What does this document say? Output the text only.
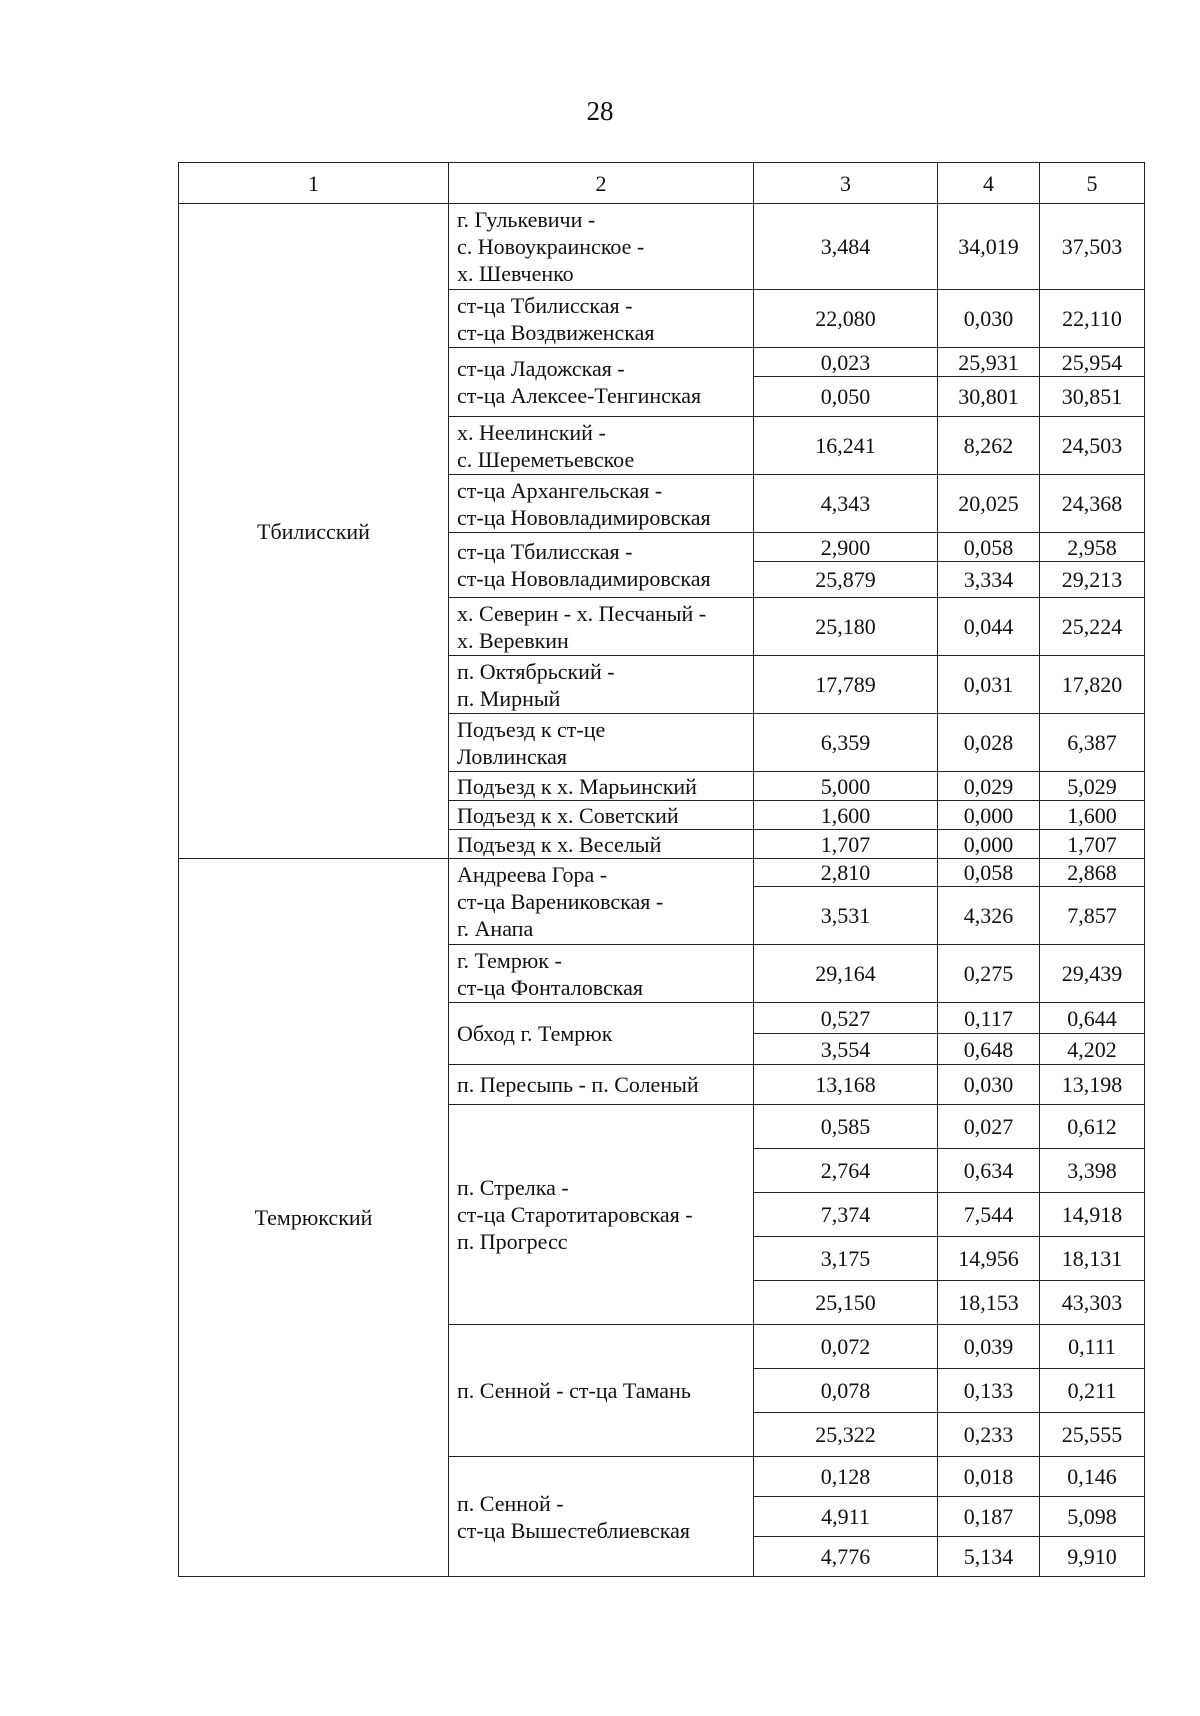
28
1	2	3	4	5
Тбилисский	г. Гулькевичи -
с. Новоукраинское -
х. Шевченко	3,484	34,019	37,503

	ст-ца Тбилисская -
ст-ца Воздвиженская	22,080	0,030	22,110

	ст-ца Ладожская -
ст-ца Алексее-Тенгинская	0,023	25,931	25,954
		0,050	30,801	30,851

	х. Неелинский -
с. Шереметьевское	16,241	8,262	24,503

	ст-ца Архангельская -
ст-ца Нововладимировская	4,343	20,025	24,368

	ст-ца Тбилисская -
ст-ца Нововладимировская	2,900	0,058	2,958
		25,879	3,334	29,213

	х. Северин - х. Песчаный -
х. Веревкин	25,180	0,044	25,224

	п. Октябрьский -
п. Мирный	17,789	0,031	17,820

	Подъезд к ст-це
Ловлинская	6,359	0,028	6,387

	Подъезд к х. Марьинский	5,000	0,029	5,029

	Подъезд к х. Советский	1,600	0,000	1,600

	Подъезд к х. Веселый	1,707	0,000	1,707
Темрюкский	Андреева Гора -
ст-ца Варениковская -
г. Анапа	2,810	0,058	2,868
		3,531	4,326	7,857

	г. Темрюк -
ст-ца Фонталовская	29,164	0,275	29,439

	Обход г. Темрюк	0,527	0,117	0,644
		3,554	0,648	4,202

	п. Пересыпь - п. Соленый	13,168	0,030	13,198

	п. Стрелка -
ст-ца Старотитаровская -
п. Прогресс	0,585	0,027	0,612
		2,764	0,634	3,398
		7,374	7,544	14,918
		3,175	14,956	18,131
		25,150	18,153	43,303

	п. Сенной - ст-ца Тамань	0,072	0,039	0,111
		0,078	0,133	0,211
		25,322	0,233	25,555

	п. Сенной -
ст-ца Вышестеблиевская	0,128	0,018	0,146
		4,911	0,187	5,098
		4,776	5,134	9,910
